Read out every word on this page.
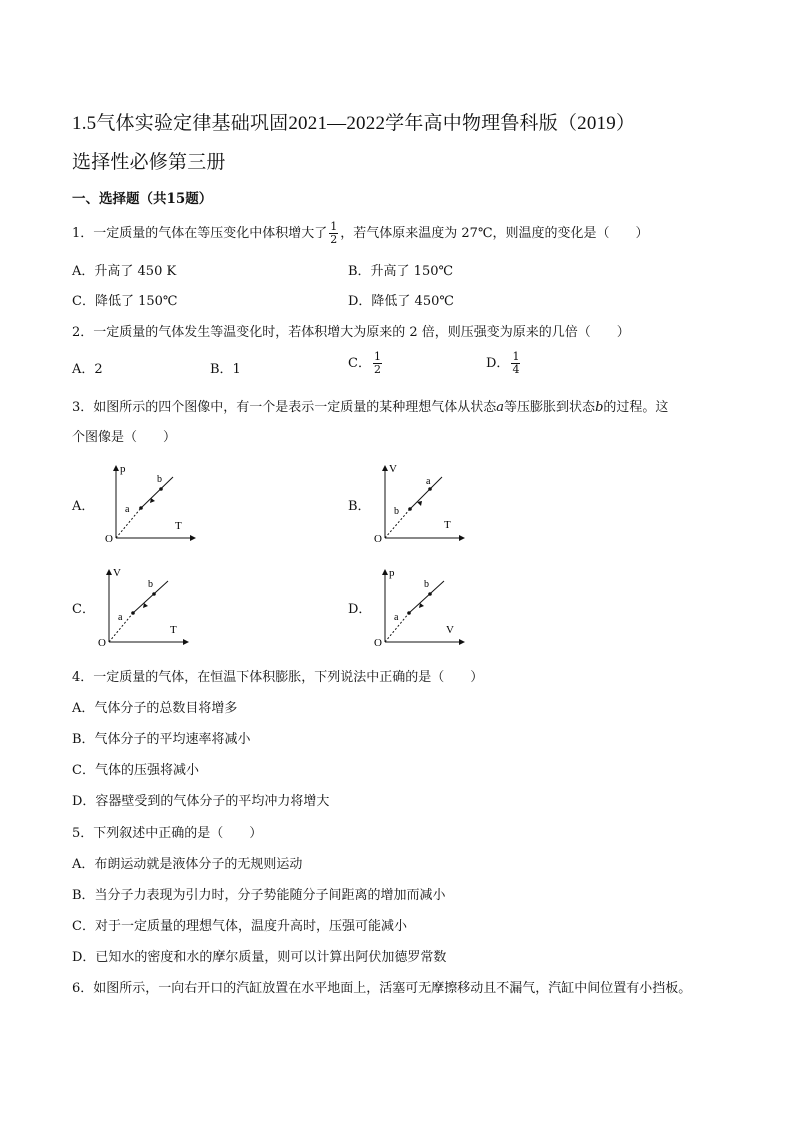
1.5气体实验定律基础巩固2021—2022学年高中物理鲁科版（2019）
选择性必修第三册
一、选择题（共15题）
1．一定质量的气体在等压变化中体积增大了 $\frac{1}{2}$ ，若气体原来温度为 27℃，则温度的变化是（　　）
A．升高了 450 K	B．升高了 150℃
C．降低了 150℃	D．降低了 450℃
2．一定质量的气体发生等温变化时，若体积增大为原来的 2 倍，则压强变为原来的几倍（　　）
A．2	B．1	C． $\frac{1}{2}$	D． $\frac{1}{4}$
3．如图所示的四个图像中，有一个是表示一定质量的某种理想气体从状态a等压膨胀到状态b的过程。这
个图像是（　　）
A．
p
T
O
a
b
B．
V
T
O
a
b
C．
V
T
O
a
b
D．
p
V
O
a
b
4．一定质量的气体，在恒温下体积膨胀，下列说法中正确的是（　　）
A．气体分子的总数目将增多
B．气体分子的平均速率将减小
C．气体的压强将减小
D．容器壁受到的气体分子的平均冲力将增大
5．下列叙述中正确的是（　　）
A．布朗运动就是液体分子的无规则运动
B．当分子力表现为引力时，分子势能随分子间距离的增加而减小
C．对于一定质量的理想气体，温度升高时，压强可能减小
D．已知水的密度和水的摩尔质量，则可以计算出阿伏加德罗常数
6．如图所示，一向右开口的汽缸放置在水平地面上，活塞可无摩擦移动且不漏气，汽缸中间位置有小挡板。
